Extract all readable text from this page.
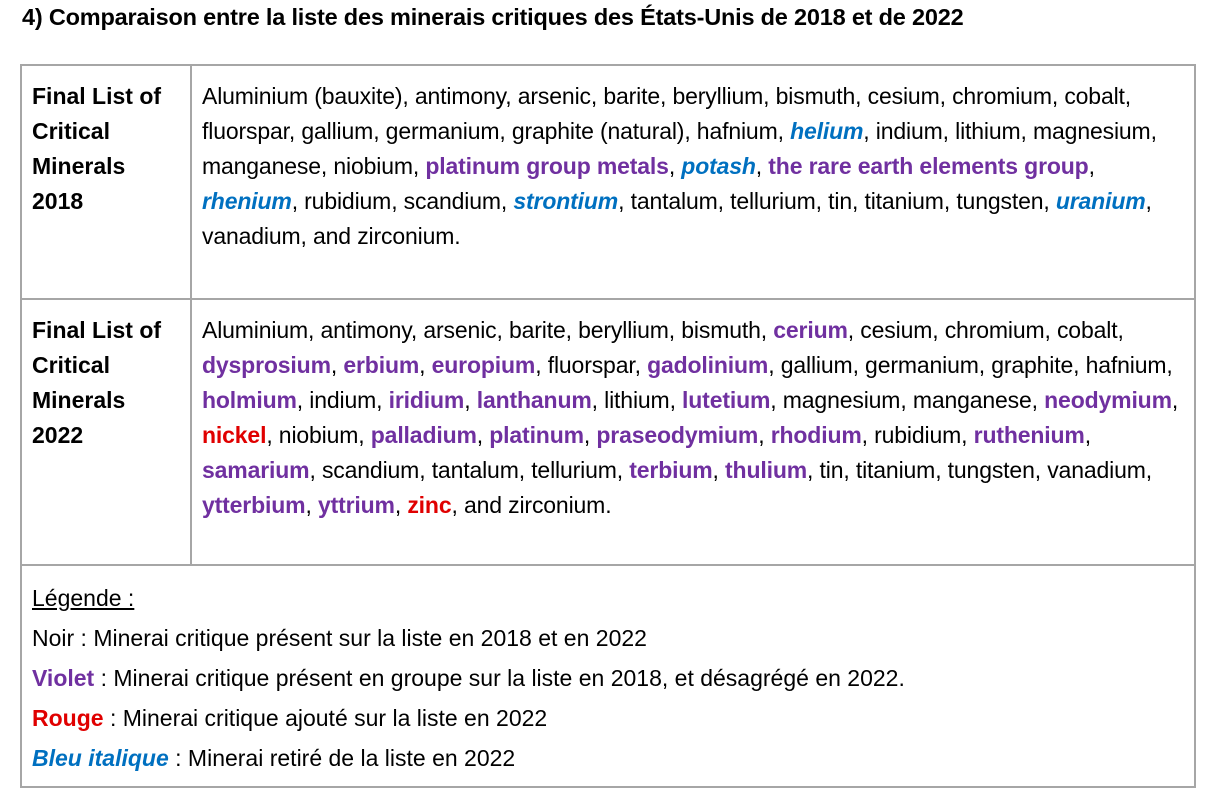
4) Comparaison entre la liste des minerais critiques des États-Unis de 2018 et de 2022
Final List of
Critical
Minerals
2018
Aluminium (bauxite), antimony, arsenic, barite, beryllium, bismuth, cesium, chromium, cobalt, fluorspar, gallium, germanium, graphite (natural), hafnium, helium, indium, lithium, magnesium, manganese, niobium, platinum group metals, potash, the rare earth elements group, rhenium, rubidium, scandium, strontium, tantalum, tellurium, tin, titanium, tungsten, uranium, vanadium, and zirconium.
Final List of
Critical
Minerals
2022
Aluminium, antimony, arsenic, barite, beryllium, bismuth, cerium, cesium, chromium, cobalt, dysprosium, erbium, europium, fluorspar, gadolinium, gallium, germanium, graphite, hafnium, holmium, indium, iridium, lanthanum, lithium, lutetium, magnesium, manganese, neodymium, nickel, niobium, palladium, platinum, praseodymium, rhodium, rubidium, ruthenium, samarium, scandium, tantalum, tellurium, terbium, thulium, tin, titanium, tungsten, vanadium, ytterbium, yttrium, zinc, and zirconium.
Légende :
Noir : Minerai critique présent sur la liste en 2018 et en 2022
Violet : Minerai critique présent en groupe sur la liste en 2018, et désagrégé en 2022.
Rouge : Minerai critique ajouté sur la liste en 2022
Bleu italique : Minerai retiré de la liste en 2022
